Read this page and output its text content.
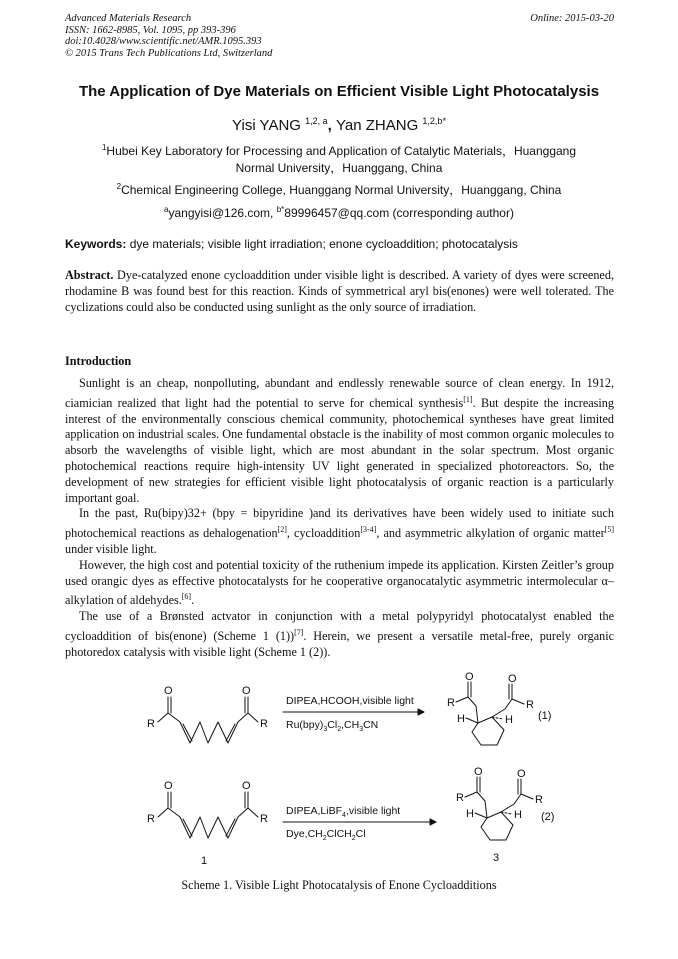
Advanced Materials Research
ISSN: 1662-8985, Vol. 1095, pp 393-396
doi:10.4028/www.scientific.net/AMR.1095.393
© 2015 Trans Tech Publications Ltd, Switzerland
Online: 2015-03-20
The Application of Dye Materials on Efficient Visible Light Photocatalysis
Yisi YANG $^{1,2, a}$, Yan ZHANG $^{1,2,b*}$
$^1$Hubei Key Laboratory for Processing and Application of Catalytic Materials，Huanggang
Normal University，Huanggang, China
$^2$Chemical Engineering College, Huanggang Normal University，Huanggang, China
$^a$yangyisi@126.com, $^{b*}$89996457@qq.com (corresponding author)
Keywords: dye materials; visible light irradiation; enone cycloaddition; photocatalysis

Abstract. Dye-catalyzed enone cycloaddition under visible light is described. A variety of dyes were screened, rhodamine B was found best for this reaction. Kinds of symmetrical aryl bis(enones) were well tolerated. The cyclizations could also be conducted using sunlight as the only source of irradiation.

Introduction

Sunlight is an cheap, nonpolluting, abundant and endlessly renewable source of clean energy. In 1912, ciamician realized that light had the potential to serve for chemical synthesis[1]. But despite the increasing interest of the environmentally conscious chemical community, photochemical syntheses have great limited application on industrial scales. One fundamental obstacle is the inability of most common organic molecules to absorb the wavelengths of visible light, which are most abundant in the solar spectrum. Most organic photochemical reactions require high-intensity UV light generated in specialized photoreactors. So, the development of new strategies for efficient visible light photocatalysis of organic reaction is a particularly important goal.

In the past, Ru(bipy)32+ (bpy = bipyridine )and its derivatives have been widely used to initiate such photochemical reactions as dehalogenation[2], cycloaddition[3-4], and asymmetric alkylation of organic matter[5] under visible light.

However, the high cost and potential toxicity of the ruthenium impede its application. Kirsten Zeitler’s group used orangic dyes as effective photocatalysts for he cooperative organocatalytic asymmetric intermolecular α–alkylation of aldehydes.[6].

The use of a Brønsted actvator in conjunction with a metal polypyridyl photocatalyst enabled the cycloaddition of bis(enone) (Scheme 1 (1))[7]. Herein, we present a versatile metal-free, purely organic photoredox catalysis with visible light (Scheme 1 (2)).

O	O
R	R
DIPEA,HCOOH,visible light
$Ru(bpy)_3Cl_2,CH_3CN$
O	O
R	R
H	H (1)
O	O
R	R
DIPEA,LiBF$_4$,visible light
$Dye,CH_2ClCH_2Cl$
O	O
R	R
H	H (2)
1	3
Scheme 1. Visible Light Photocatalysis of Enone Cycloadditions
